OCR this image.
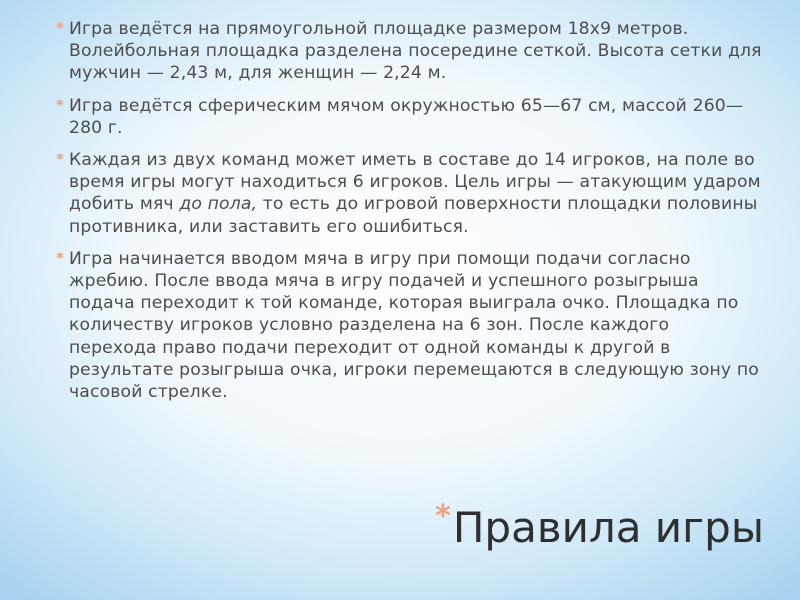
* Игра ведётся на прямоугольной площадке размером 18х9 метров. Волейбольная площадка разделена посередине сеткой. Высота сетки для мужчин — 2,43 м, для женщин — 2,24 м.
* Игра ведётся сферическим мячом окружностью 65—67 см, массой 260—280 г.
* Каждая из двух команд может иметь в составе до 14 игроков, на поле во время игры могут находиться 6 игроков. Цель игры — атакующим ударом добить мяч до пола, то есть до игровой поверхности площадки половины противника, или заставить его ошибиться.
* Игра начинается вводом мяча в игру при помощи подачи согласно жребию. После ввода мяча в игру подачей и успешного розыгрыша подача переходит к той команде, которая выиграла очко. Площадка по количеству игроков условно разделена на 6 зон. После каждого перехода право подачи переходит от одной команды к другой в результате розыгрыша очка, игроки перемещаются в следующую зону по часовой стрелке.
*Правила игры
